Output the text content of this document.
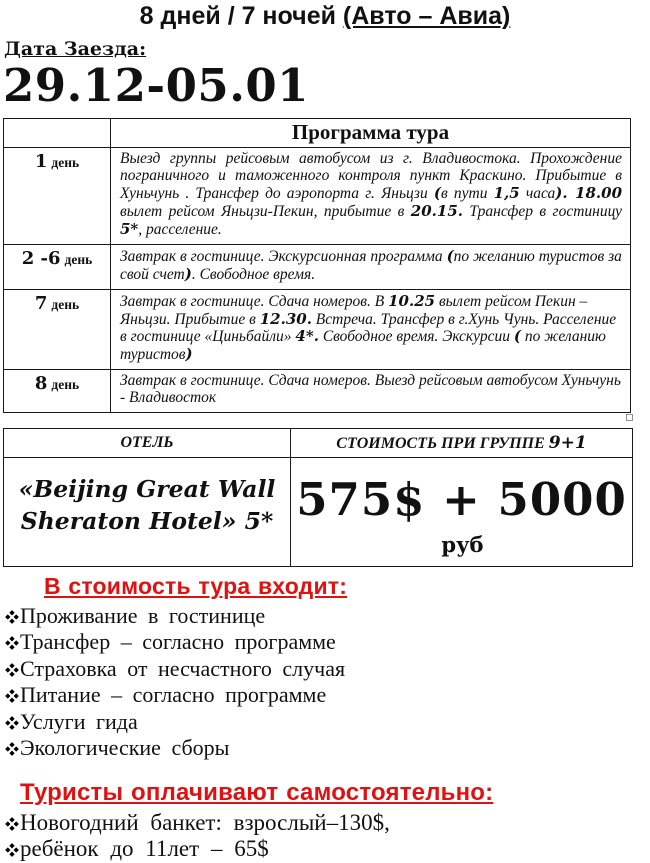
8 дней / 7 ночей (Авто – Авиа)
Дата Заезда:
29.12-05.01
	Программа тура
1 день	Выезд группы рейсовым автобусом из г. Владивостока. Прохождение пограничного и таможенного контроля пункт Краскино. Прибытие в Хуньчунь . Трансфер до аэропорта г. Яньцзи (в пути 1,5 часа). 18.00 вылет рейсом Яньцзи-Пекин, прибытие в 20.15. Трансфер в гостиницу 5*, расселение.
2 -6 день	Завтрак в гостинице. Экскурсионная программа (по желанию туристов за свой счет). Свободное время.
7 день	Завтрак в гостинице. Сдача номеров. В 10.25 вылет рейсом Пекин –Яньцзи. Прибытие в 12.30. Встреча. Трансфер в г.Хунь Чунь. Расселение в гостинице «Циньбайли» 4*. Свободное время. Экскурсии ( по желанию туристов)
8 день	Завтрак в гостинице. Сдача номеров. Выезд рейсовым автобусом Хуньчунь - Владивосток
ОТЕЛЬ	СТОИМОСТЬ ПРИ ГРУППЕ 9+1

«Beijing Great Wall
Sheraton Hotel» 5*	575$ + 5000руб
В стоимость тура входит:
Проживание в гостинице
Трансфер – согласно программе
Страховка от несчастного случая
Питание – согласно программе
Услуги гида
Экологические сборы
Туристы оплачивают самостоятельно:
Новогодний банкет: взрослый–130$,
ребёнок до 11лет – 65$
